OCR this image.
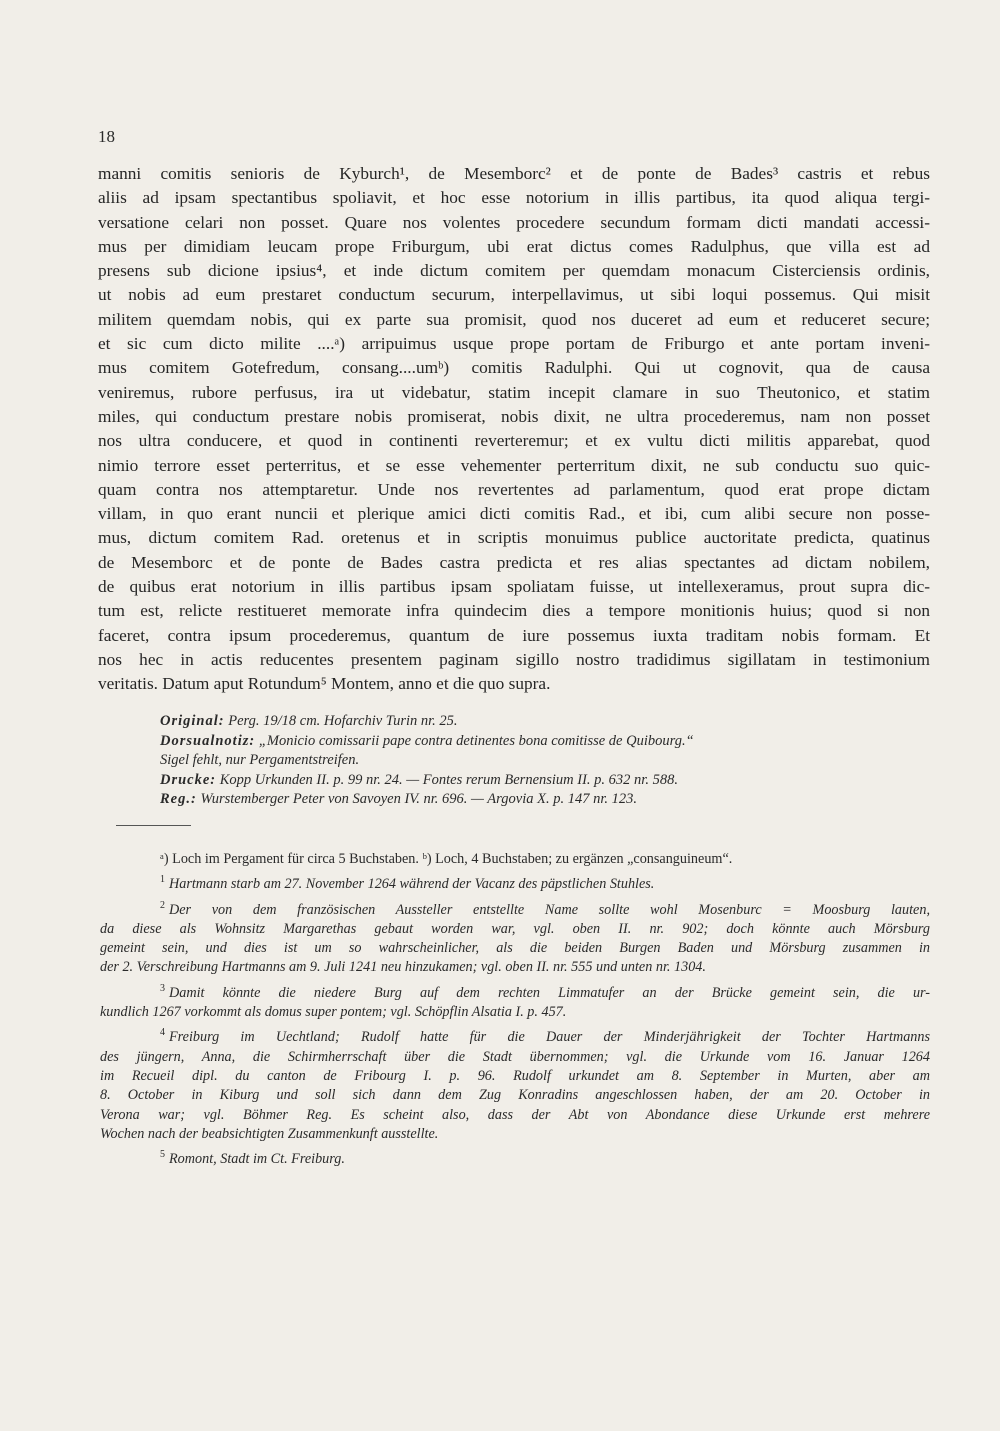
18
manni comitis senioris de Kyburch¹, de Mesemborc² et de ponte de Bades³ castris et rebus
aliis ad ipsam spectantibus spoliavit, et hoc esse notorium in illis partibus, ita quod aliqua tergi-
versatione celari non posset. Quare nos volentes procedere secundum formam dicti mandati accessi-
mus per dimidiam leucam prope Friburgum, ubi erat dictus comes Radulphus, que villa est ad
presens sub dicione ipsius⁴, et inde dictum comitem per quemdam monacum Cisterciensis ordinis,
ut nobis ad eum prestaret conductum securum, interpellavimus, ut sibi loqui possemus. Qui misit
militem quemdam nobis, qui ex parte sua promisit, quod nos duceret ad eum et reduceret secure;
et sic cum dicto milite ....ᵃ) arripuimus usque prope portam de Friburgo et ante portam inveni-
mus comitem Gotefredum, consang....umᵇ) comitis Radulphi. Qui ut cognovit, qua de causa
veniremus, rubore perfusus, ira ut videbatur, statim incepit clamare in suo Theutonico, et statim
miles, qui conductum prestare nobis promiserat, nobis dixit, ne ultra procederemus, nam non posset
nos ultra conducere, et quod in continenti reverteremur; et ex vultu dicti militis apparebat, quod
nimio terrore esset perterritus, et se esse vehementer perterritum dixit, ne sub conductu suo quic-
quam contra nos attemptaretur. Unde nos revertentes ad parlamentum, quod erat prope dictam
villam, in quo erant nuncii et plerique amici dicti comitis Rad., et ibi, cum alibi secure non posse-
mus, dictum comitem Rad. oretenus et in scriptis monuimus publice auctoritate predicta, quatinus
de Mesemborc et de ponte de Bades castra predicta et res alias spectantes ad dictam nobilem,
de quibus erat notorium in illis partibus ipsam spoliatam fuisse, ut intellexeramus, prout supra dic-
tum est, relicte restitueret memorate infra quindecim dies a tempore monitionis huius; quod si non
faceret, contra ipsum procederemus, quantum de iure possemus iuxta traditam nobis formam. Et
nos hec in actis reducentes presentem paginam sigillo nostro tradidimus sigillatam in testimonium
veritatis. Datum aput Rotundum⁵ Montem, anno et die quo supra.
Original: Perg. 19/18 cm. Hofarchiv Turin nr. 25.
Dorsualnotiz: „Monicio comissarii pape contra detinentes bona comitisse de Quibourg.“
Sigel fehlt, nur Pergamentstreifen.
Drucke: Kopp Urkunden II. p. 99 nr. 24. — Fontes rerum Bernensium II. p. 632 nr. 588.
Reg.: Wurstemberger Peter von Savoyen IV. nr. 696. — Argovia X. p. 147 nr. 123.
ᵃ) Loch im Pergament für circa 5 Buchstaben. ᵇ) Loch, 4 Buchstaben; zu ergänzen „consanguineum“.
$^1$ Hartmann starb am 27. November 1264 während der Vacanz des päpstlichen Stuhles.
$^2$ Der von dem französischen Aussteller entstellte Name sollte wohl Mosenburc = Moosburg lauten,
da diese als Wohnsitz Margarethas gebaut worden war, vgl. oben II. nr. 902; doch könnte auch Mörsburg
gemeint sein, und dies ist um so wahrscheinlicher, als die beiden Burgen Baden und Mörsburg zusammen in
der 2. Verschreibung Hartmanns am 9. Juli 1241 neu hinzukamen; vgl. oben II. nr. 555 und unten nr. 1304.
$^3$ Damit könnte die niedere Burg auf dem rechten Limmatufer an der Brücke gemeint sein, die ur-
kundlich 1267 vorkommt als domus super pontem; vgl. Schöpflin Alsatia I. p. 457.
$^4$ Freiburg im Uechtland; Rudolf hatte für die Dauer der Minderjährigkeit der Tochter Hartmanns
des jüngern, Anna, die Schirmherrschaft über die Stadt übernommen; vgl. die Urkunde vom 16. Januar 1264
im Recueil dipl. du canton de Fribourg I. p. 96. Rudolf urkundet am 8. September in Murten, aber am
8. October in Kiburg und soll sich dann dem Zug Konradins angeschlossen haben, der am 20. October in
Verona war; vgl. Böhmer Reg. Es scheint also, dass der Abt von Abondance diese Urkunde erst mehrere
Wochen nach der beabsichtigten Zusammenkunft ausstellte.
$^5$ Romont, Stadt im Ct. Freiburg.
